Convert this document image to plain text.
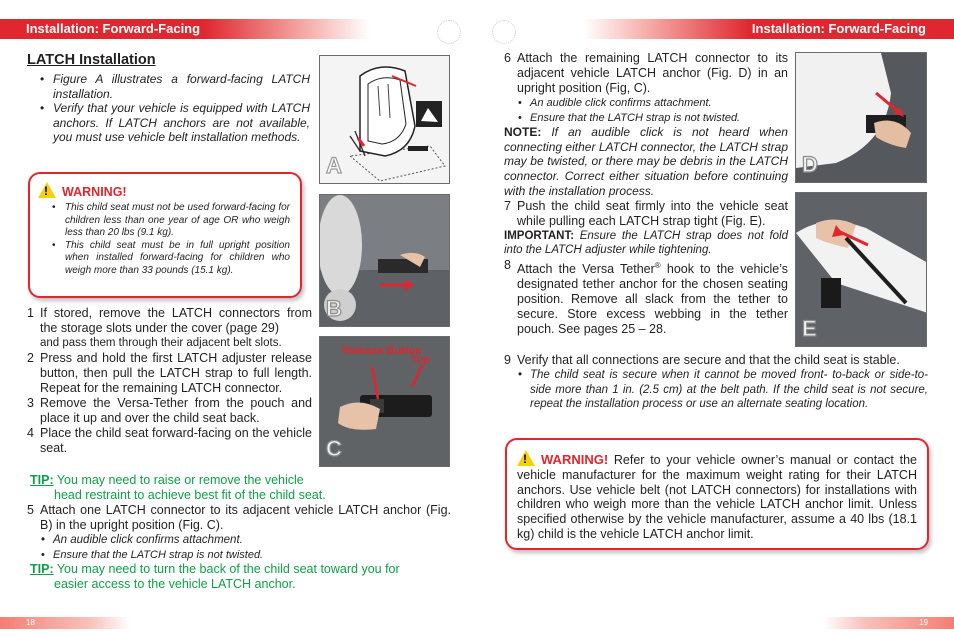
Installation: Forward-Facing	Installation: Forward-Facing
18	19
LATCH Installation
• Figure A illustrates a forward-facing LATCH installation.
• Verify that your vehicle is equipped with LATCH anchors. If LATCH anchors are not available, you must use vehicle belt installation methods.
!WARNING!
• This child seat must not be used forward-facing for children less than one year of age OR who weigh less than 20 lbs (9.1 kg).
• This child seat must be in full upright position when installed forward-facing for children who weigh more than 33 pounds (15.1 kg).
1 If stored, remove the LATCH connectors from the storage slots under the cover (page 29)
and pass them through their adjacent belt slots.
2 Press and hold the first LATCH adjuster release button, then pull the LATCH strap to full length. Repeat for the remaining LATCH connector.
3 Remove the Versa-Tether from the pouch and place it up and over the child seat back.
4 Place the child seat forward-facing on the vehicle seat.
TIP: You may need to raise or remove the vehicle
head restraint to achieve best fit of the child seat.
5 Attach one LATCH connector to its adjacent vehicle LATCH anchor (Fig. B) in the upright position (Fig. C).
• An audible click confirms attachment.
• Ensure that the LATCH strap is not twisted.
TIP: You may need to turn the back of the child seat toward you for
easier access to the vehicle LATCH anchor.
A
B
Release Button
Top
C
6 Attach the remaining LATCH connector to its adjacent vehicle LATCH anchor (Fig. D) in an upright position (Fig, C).
• An audible click confirms attachment.
• Ensure that the LATCH strap is not twisted.
NOTE: If an audible click is not heard when connecting either LATCH connector, the LATCH strap may be twisted, or there may be debris in the LATCH connector. Correct either situation before continuing with the installation process.
7 Push the child seat firmly into the vehicle seat while pulling each LATCH strap tight (Fig. E).
IMPORTANT: Ensure the LATCH strap does not fold into the LATCH adjuster while tightening.
8 Attach the Versa Tether® hook to the vehicle’s designated tether anchor for the chosen seating position. Remove all slack from the tether to secure. Store excess webbing in the tether pouch. See pages 25 – 28.
9 Verify that all connections are secure and that the child seat is stable.
• The child seat is secure when it cannot be moved front- to-back or side-to-side more than 1 in. (2.5 cm) at the belt path. If the child seat is not secure, repeat the installation process or use an alternate seating location.
!WARNING! Refer to your vehicle owner’s manual or contact the vehicle manufacturer for the maximum weight rating for their LATCH anchors. Use vehicle belt (not LATCH connectors) for installations with children who weigh more than the vehicle LATCH anchor limit. Unless specified otherwise by the vehicle manufacturer, assume a 40 lbs (18.1 kg) child is the vehicle LATCH anchor limit.
D
E
